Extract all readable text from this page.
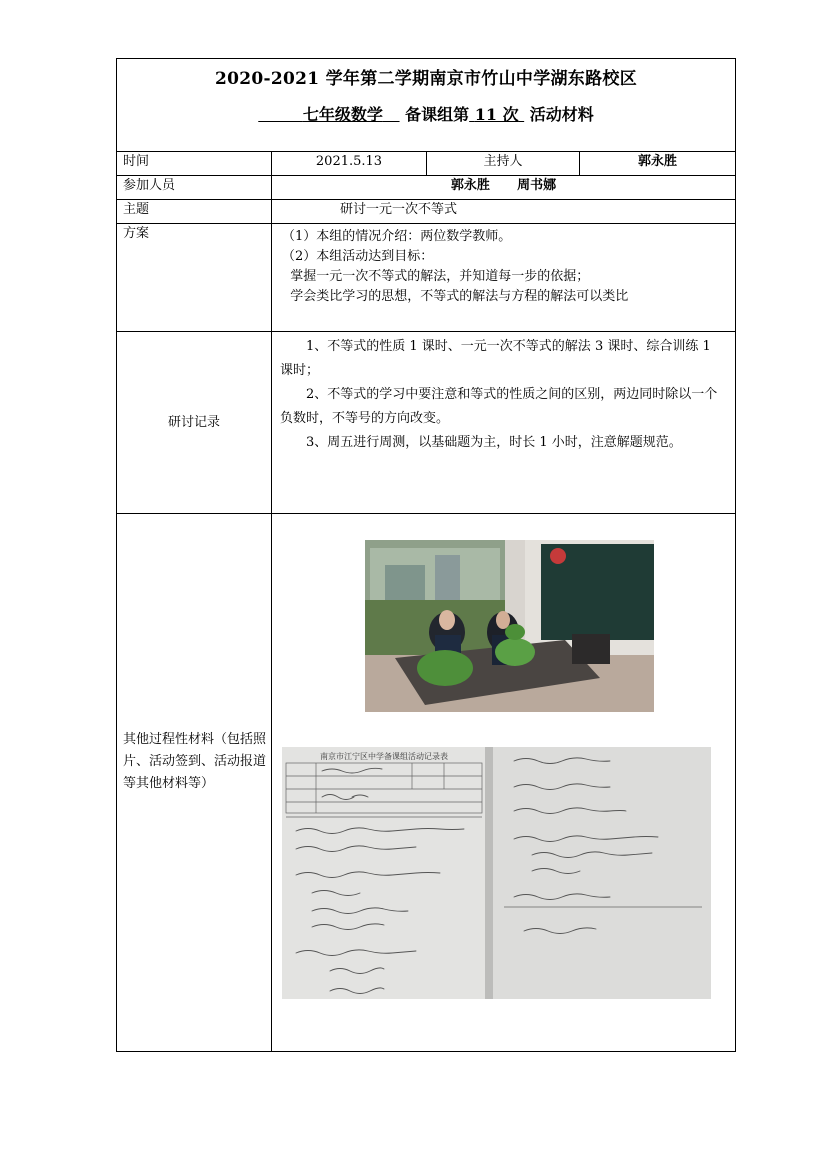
2020-2021 学年第二学期南京市竹山中学湖东路校区
七年级数学 备课组第 11 次 活动材料			

时间	2021.5.13	主持人	郭永胜
参加人员	郭永胜      周书娜		
主题	研讨一元一次不等式		
方案	（1）本组的情况介绍：两位数学教师。
（2）本组活动达到目标：
掌握一元一次不等式的解法，并知道每一步的依据；
学会类比学习的思想，不等式的解法与方程的解法可以类比		

研讨记录	1、不等式的性质 1 课时、一元一次不等式的解法 3 课时、综合训练 1 课时；

2、不等式的学习中要注意和等式的性质之间的区别，两边同时除以一个负数时，不等号的方向改变。

3、周五进行周测，以基础题为主，时长 1 小时，注意解题规范。		

其他过程性材料（包括照片、活动签到、活动报道等其他材料等）	南京市江宁区中学备课组活动记录表		
